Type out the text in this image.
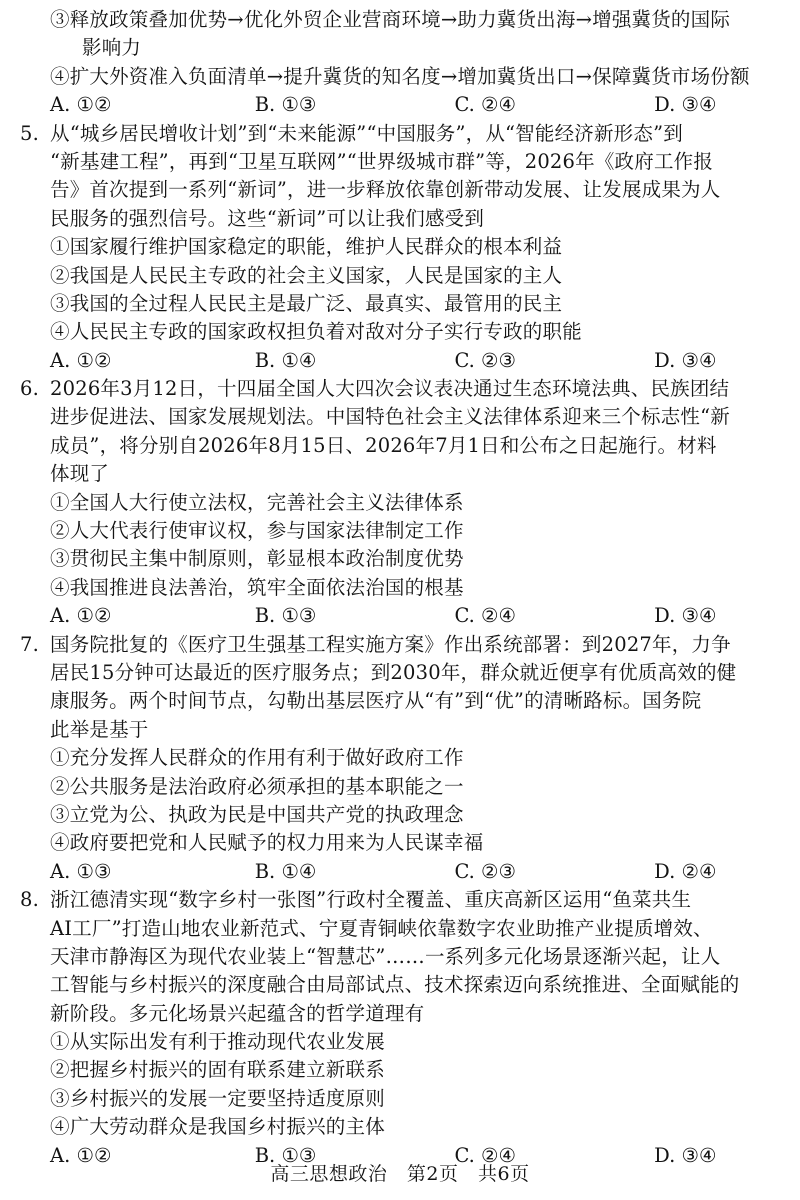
③释放政策叠加优势→优化外贸企业营商环境→助力冀货出海→增强冀货的国际
影响力
④扩大外资准入负面清单→提升冀货的知名度→增加冀货出口→保障冀货市场份额
A. ①②	B. ①③	C. ②④	D. ③④
5. 从“城乡居民增收计划”到“未来能源”“中国服务”，从“智能经济新形态”到
“新基建工程”，再到“卫星互联网”“世界级城市群”等，2026年《政府工作报
告》首次提到一系列“新词”，进一步释放依靠创新带动发展、让发展成果为人
民服务的强烈信号。这些“新词”可以让我们感受到
①国家履行维护国家稳定的职能，维护人民群众的根本利益
②我国是人民民主专政的社会主义国家，人民是国家的主人
③我国的全过程人民民主是最广泛、最真实、最管用的民主
④人民民主专政的国家政权担负着对敌对分子实行专政的职能
A. ①②	B. ①④	C. ②③	D. ③④
6. 2026年3月12日，十四届全国人大四次会议表决通过生态环境法典、民族团结
进步促进法、国家发展规划法。中国特色社会主义法律体系迎来三个标志性“新
成员”，将分别自2026年8月15日、2026年7月1日和公布之日起施行。材料
体现了
①全国人大行使立法权，完善社会主义法律体系
②人大代表行使审议权，参与国家法律制定工作
③贯彻民主集中制原则，彰显根本政治制度优势
④我国推进良法善治，筑牢全面依法治国的根基
A. ①②	B. ①③	C. ②④	D. ③④
7. 国务院批复的《医疗卫生强基工程实施方案》作出系统部署：到2027年，力争
居民15分钟可达最近的医疗服务点；到2030年，群众就近便享有优质高效的健
康服务。两个时间节点，勾勒出基层医疗从“有”到“优”的清晰路标。国务院
此举是基于
①充分发挥人民群众的作用有利于做好政府工作
②公共服务是法治政府必须承担的基本职能之一
③立党为公、执政为民是中国共产党的执政理念
④政府要把党和人民赋予的权力用来为人民谋幸福
A. ①③	B. ①④	C. ②③	D. ②④
8. 浙江德清实现“数字乡村一张图”行政村全覆盖、重庆高新区运用“鱼菜共生
AI工厂”打造山地农业新范式、宁夏青铜峡依靠数字农业助推产业提质增效、
天津市静海区为现代农业装上“智慧芯”……一系列多元化场景逐渐兴起，让人
工智能与乡村振兴的深度融合由局部试点、技术探索迈向系统推进、全面赋能的
新阶段。多元化场景兴起蕴含的哲学道理有
①从实际出发有利于推动现代农业发展
②把握乡村振兴的固有联系建立新联系
③乡村振兴的发展一定要坚持适度原则
④广大劳动群众是我国乡村振兴的主体
A. ①②	B. ①③	C. ②④	D. ③④
高三思想政治　第2页　共6页
